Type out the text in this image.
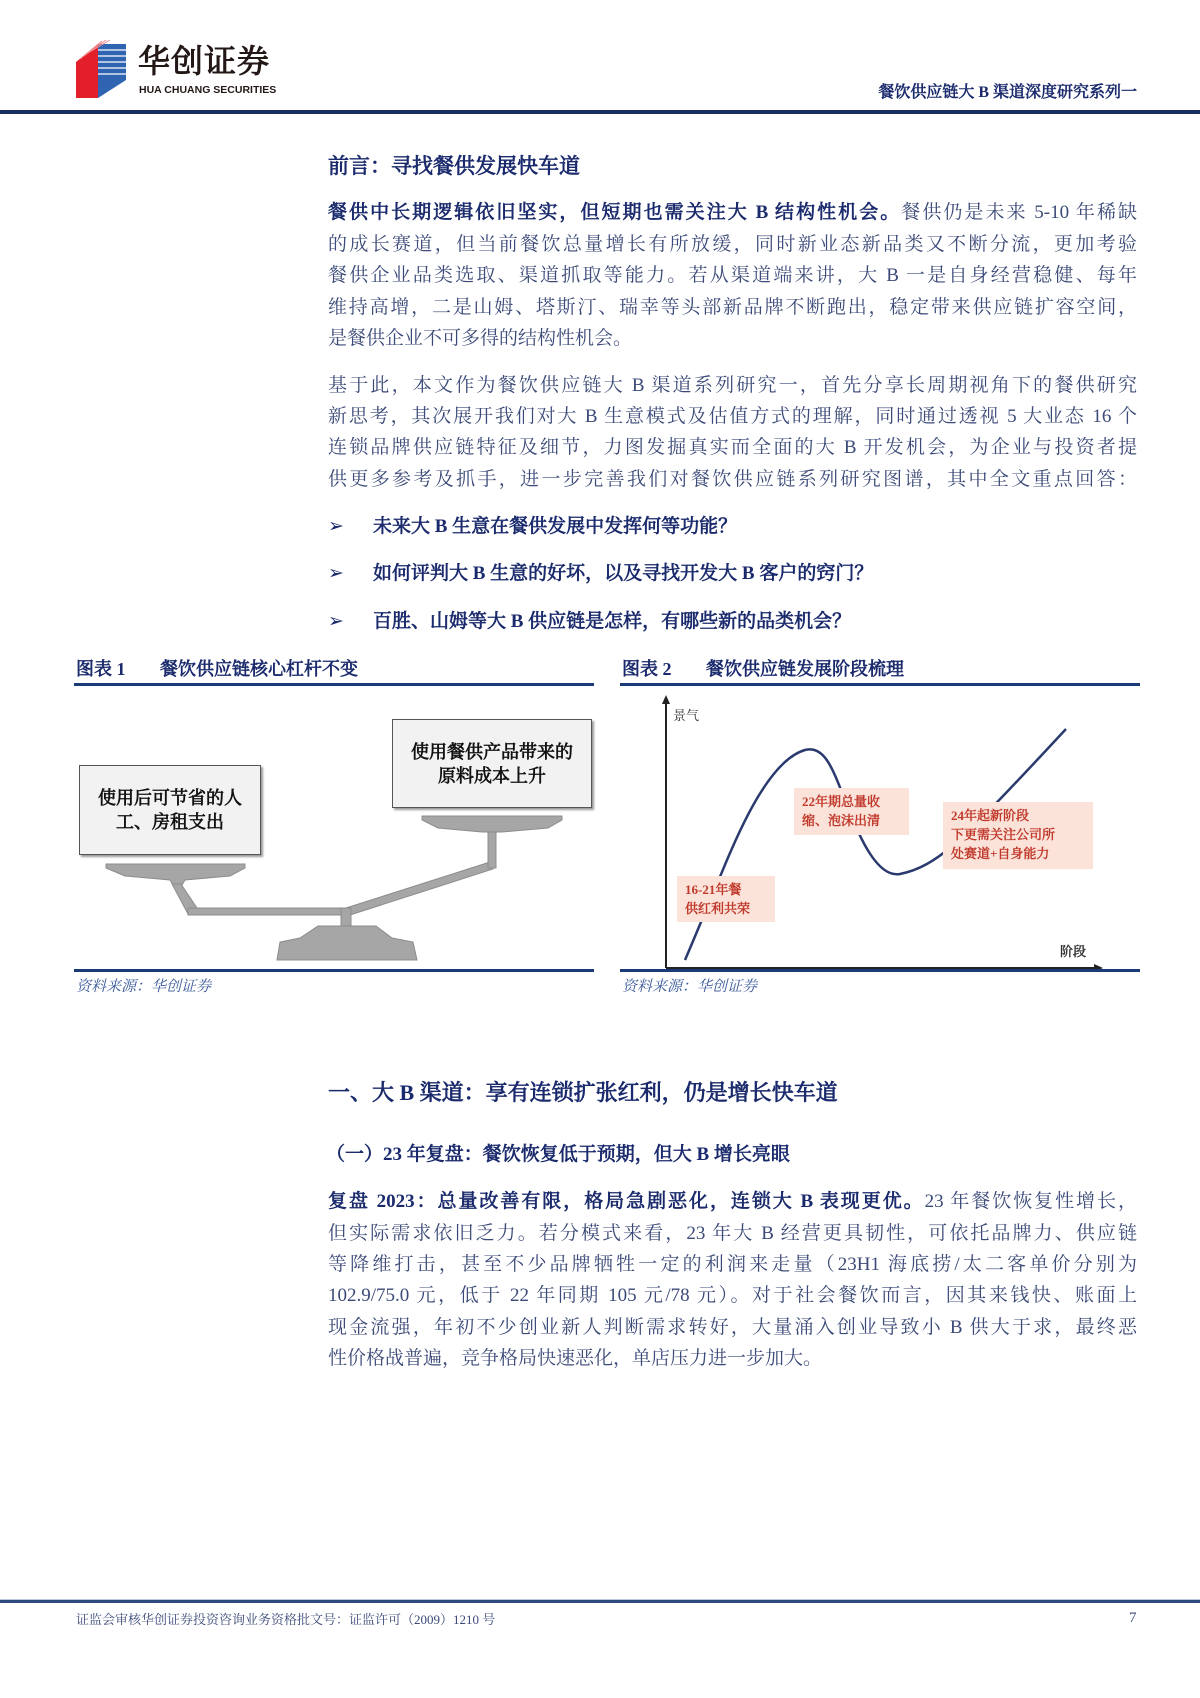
华创证券
HUA CHUANG SECURITIES	餐饮供应链大 B 渠道深度研究系列一
前言：寻找餐供发展快车道
餐供中长期逻辑依旧坚实，但短期也需关注大 B 结构性机会。餐供仍是未来 5-10 年稀缺
的成长赛道，但当前餐饮总量增长有所放缓，同时新业态新品类又不断分流，更加考验
餐供企业品类选取、渠道抓取等能力。若从渠道端来讲，大 B 一是自身经营稳健、每年
维持高增，二是山姆、塔斯汀、瑞幸等头部新品牌不断跑出，稳定带来供应链扩容空间，
是餐供企业不可多得的结构性机会。
基于此，本文作为餐饮供应链大 B 渠道系列研究一，首先分享长周期视角下的餐供研究
新思考，其次展开我们对大 B 生意模式及估值方式的理解，同时通过透视 5 大业态 16 个
连锁品牌供应链特征及细节，力图发掘真实而全面的大 B 开发机会，为企业与投资者提
供更多参考及抓手，进一步完善我们对餐饮供应链系列研究图谱，其中全文重点回答：
➢ 未来大 B 生意在餐供发展中发挥何等功能？
➢ 如何评判大 B 生意的好坏，以及寻找开发大 B 客户的窍门？
➢ 百胜、山姆等大 B 供应链是怎样，有哪些新的品类机会？
图表 1 餐饮供应链核心杠杆不变
使用后可节省的人
工、房租支出
使用餐供产品带来的
原料成本上升
资料来源：华创证券
图表 2 餐饮供应链发展阶段梳理
景气
阶段
16-21年餐
供红利共荣
22年期总量收
缩、泡沫出清	24年起新阶段
下更需关注公司所
处赛道+自身能力
资料来源：华创证券
一、大 B 渠道：享有连锁扩张红利，仍是增长快车道
（一）23 年复盘：餐饮恢复低于预期，但大 B 增长亮眼
复盘 2023：总量改善有限，格局急剧恶化，连锁大 B 表现更优。23 年餐饮恢复性增长，
但实际需求依旧乏力。若分模式来看，23 年大 B 经营更具韧性，可依托品牌力、供应链
等降维打击，甚至不少品牌牺牲一定的利润来走量（23H1 海底捞/太二客单价分别为
102.9/75.0 元，低于 22 年同期 105 元/78 元）。对于社会餐饮而言，因其来钱快、账面上
现金流强，年初不少创业新人判断需求转好，大量涌入创业导致小 B 供大于求，最终恶
性价格战普遍，竞争格局快速恶化，单店压力进一步加大。
证监会审核华创证券投资咨询业务资格批文号：证监许可（2009）1210 号	7
